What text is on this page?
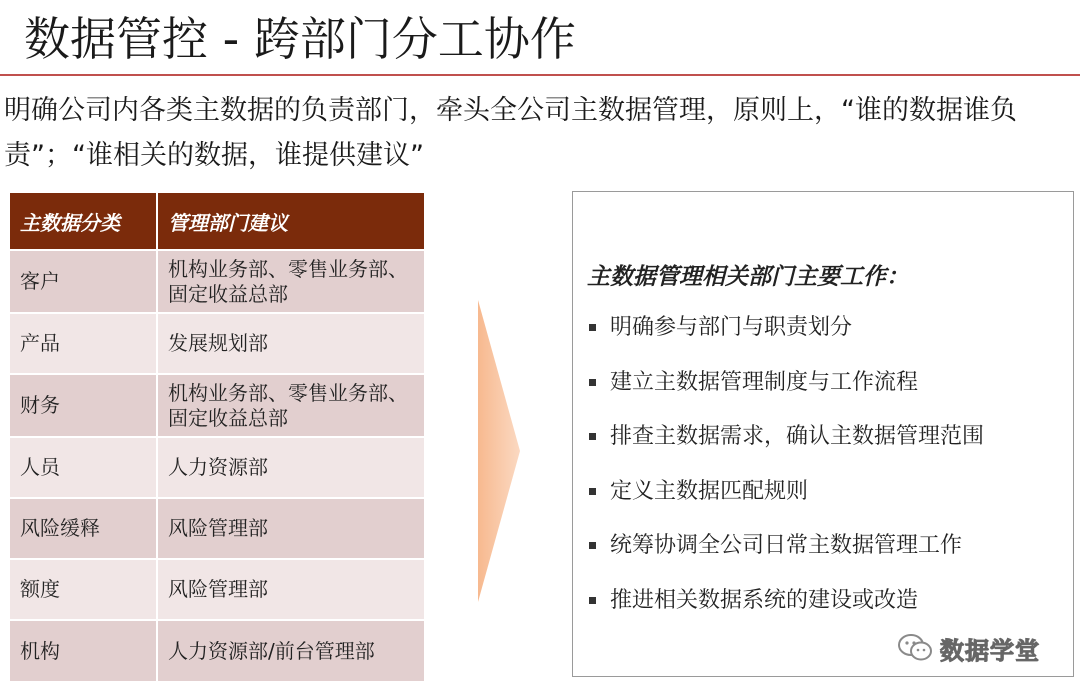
数据管控 - 跨部门分工协作
明确公司内各类主数据的负责部门，牵头全公司主数据管理，原则上，“谁的数据谁负责”；“谁相关的数据，谁提供建议”
主数据分类	管理部门建议
客户	机构业务部、零售业务部、固定收益总部
产品	发展规划部
财务	机构业务部、零售业务部、固定收益总部
人员	人力资源部
风险缓释	风险管理部
额度	风险管理部
机构	人力资源部/前台管理部
主数据管理相关部门主要工作：
明确参与部门与职责划分
建立主数据管理制度与工作流程
排查主数据需求，确认主数据管理范围
定义主数据匹配规则
统筹协调全公司日常主数据管理工作
推进相关数据系统的建设或改造
数据学堂
